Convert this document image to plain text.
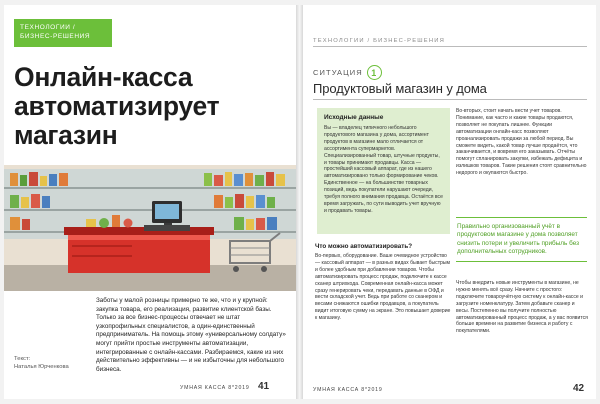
ТЕХНОЛОГИИ / БИЗНЕС-РЕШЕНИЯ
Онлайн-касса автоматизирует магазин
Заботы у малой розницы примерно те же, что и у крупной: закупка товара, его реализация, развитие клиентской базы. Только за все бизнес-процессы отвечает не штат узкопрофильных специалистов, а один-единственный предприниматель. На помощь этому «универсальному солдату» могут прийти простые инструменты автоматизации, интегрированные с онлайн-кассами. Разбираемся, какие из них действительно эффективны — и не избыточны для небольшого бизнеса.
Текст:
Наталья Юрченкова
УМНАЯ КАССА 8*2019 41
ТЕХНОЛОГИИ / БИЗНЕС-РЕШЕНИЯ
СИТУАЦИЯ 1
Продуктовый магазин у дома
Исходные данные

Вы — владелец типичного небольшого продуктового магазина у дома, ассортимент продуктов в магазине мало отличается от ассортимента супермаркетов. Специализированный товар, штучные продукты, и товары принимают продавцы. Касса — простейший кассовый аппарат, где из нашего автоматизировано только формирование чеков. Единственное — на большинстве товарных позиций, ведь покупатели нарушают очереди, требуя полного внимания продавца. Остаётся все время загружать, по сути выводить учет вручную и продавать товары.

Что можно автоматизировать?
Во-первых, оборудование. Ваше очевидное устройство — кассовый аппарат — в разных видах бывает быстрым и более удобным при добавлении товаров. Чтобы автоматизировать процесс продаж, подключите к кассе сканер штрихкода. Современная онлайн-касса может сразу генерировать чеки, передавать данные в ОФД и вести складской учет. Ведь при работе со сканером и весами снижаются ошибки продавцов, а покупатель видит итоговую сумму на экране. Это повышает доверие к магазину.
Во-вторых, стоит начать вести учет товаров. Понимание, как часто и какие товары продаются, позволяет не покупать лишнее. Функции автоматизации онлайн-касс позволяют проанализировать продажи за любой период. Вы сможете видеть, какой товар лучше продаётся, что заканчивается, и вовремя его заказывать. Отчёты помогут спланировать закупки, избежать дефицита и излишков товаров. Такие решения стоят сравнительно недорого и окупаются быстро.
Правильно организованный учёт в продуктовом магазине у дома позволяет снизить потери и увеличить прибыль без дополнительных сотрудников.
Чтобы внедрить новые инструменты в магазине, не нужно менять всё сразу. Начните с простого: подключите товароучётную систему к онлайн-кассе и загрузите номенклатуру. Затем добавьте сканер и весы. Постепенно вы получите полностью автоматизированный процесс продаж, а у вас появится больше времени на развитие бизнеса и работу с покупателями.
УМНАЯ КАССА 8*2019	42
